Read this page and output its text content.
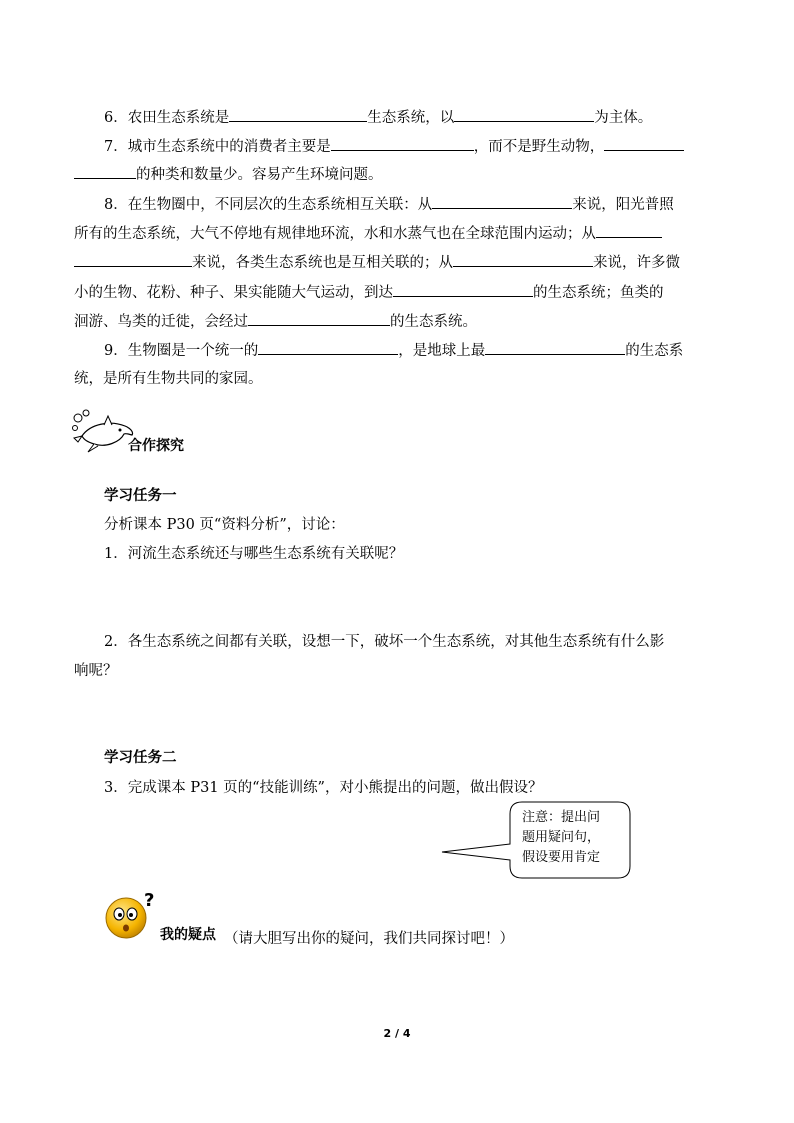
6．农田生态系统是	生态系统，以	为主体。
7．城市生态系统中的消费者主要是	，而不是野生动物，
的种类和数量少。容易产生环境问题。
8．在生物圈中，不同层次的生态系统相互关联：从	来说，阳光普照
所有的生态系统，大气不停地有规律地环流，水和水蒸气也在全球范围内运动；从
来说，各类生态系统也是互相关联的；从	来说，许多微
小的生物、花粉、种子、果实能随大气运动，到达	的生态系统；鱼类的
洄游、鸟类的迁徙，会经过	的生态系统。
9．生物圈是一个统一的	，是地球上最	的生态系
统，是所有生物共同的家园。
合作探究
学习任务一
分析课本 P30 页“资料分析”，讨论：
1．河流生态系统还与哪些生态系统有关联呢？
2．各生态系统之间都有关联，设想一下，破坏一个生态系统，对其他生态系统有什么影
响呢？
学习任务二
3．完成课本 P31 页的“技能训练”，对小熊提出的问题，做出假设？
注意：提出问
题用疑问句，
假设要用肯定
?
我的疑点 （请大胆写出你的疑问，我们共同探讨吧！）
2 / 4
